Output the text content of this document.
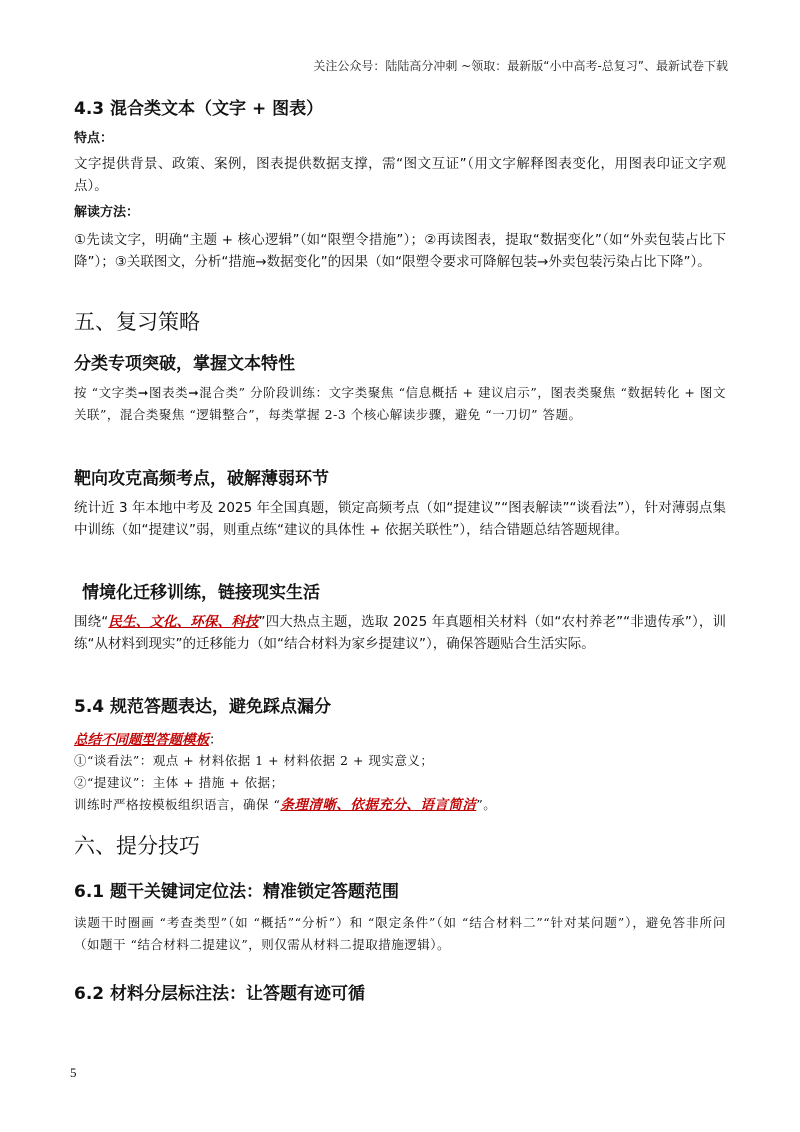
关注公众号：陆陆高分冲刺 ~领取：最新版“小中高考-总复习”、最新试卷下载
4.3 混合类文本（文字 + 图表）
特点：
文字提供背景、政策、案例，图表提供数据支撑，需“图文互证”（用文字解释图表变化，用图表印证文字观点）。
解读方法：
①先读文字，明确“主题 + 核心逻辑”（如“限塑令措施”）；②再读图表，提取“数据变化”（如“外卖包装占比下降”）；③关联图文，分析“措施→数据变化”的因果（如“限塑令要求可降解包装→外卖包装污染占比下降”）。
五、复习策略
分类专项突破，掌握文本特性
按 “文字类➞图表类➞混合类” 分阶段训练：文字类聚焦 “信息概括 + 建议启示”，图表类聚焦 “数据转化 + 图文关联”，混合类聚焦 “逻辑整合”，每类掌握 2-3 个核心解读步骤，避免 “一刀切” 答题。
靶向攻克高频考点，破解薄弱环节
统计近 3 年本地中考及 2025 年全国真题，锁定高频考点（如“提建议”“图表解读”“谈看法”），针对薄弱点集中训练（如“提建议”弱，则重点练“建议的具体性 + 依据关联性”），结合错题总结答题规律。
情境化迁移训练，链接现实生活
围绕“民生、文化、环保、科技”四大热点主题，选取 2025 年真题相关材料（如“农村养老”“非遗传承”），训练“从材料到现实”的迁移能力（如“结合材料为家乡提建议”），确保答题贴合生活实际。
5.4 规范答题表达，避免踩点漏分
总结不同题型答题模板：
①“谈看法”：观点 + 材料依据 1 + 材料依据 2 + 现实意义；
②“提建议”：主体 + 措施 + 依据；
训练时严格按模板组织语言，确保 “条理清晰、依据充分、语言简洁”。
六、提分技巧
6.1 题干关键词定位法：精准锁定答题范围
读题干时圈画 “考查类型”（如 “概括”“分析”）和 “限定条件”（如 “结合材料二”“针对某问题”），避免答非所问（如题干 “结合材料二提建议”，则仅需从材料二提取措施逻辑）。
6.2 材料分层标注法：让答题有迹可循
5
